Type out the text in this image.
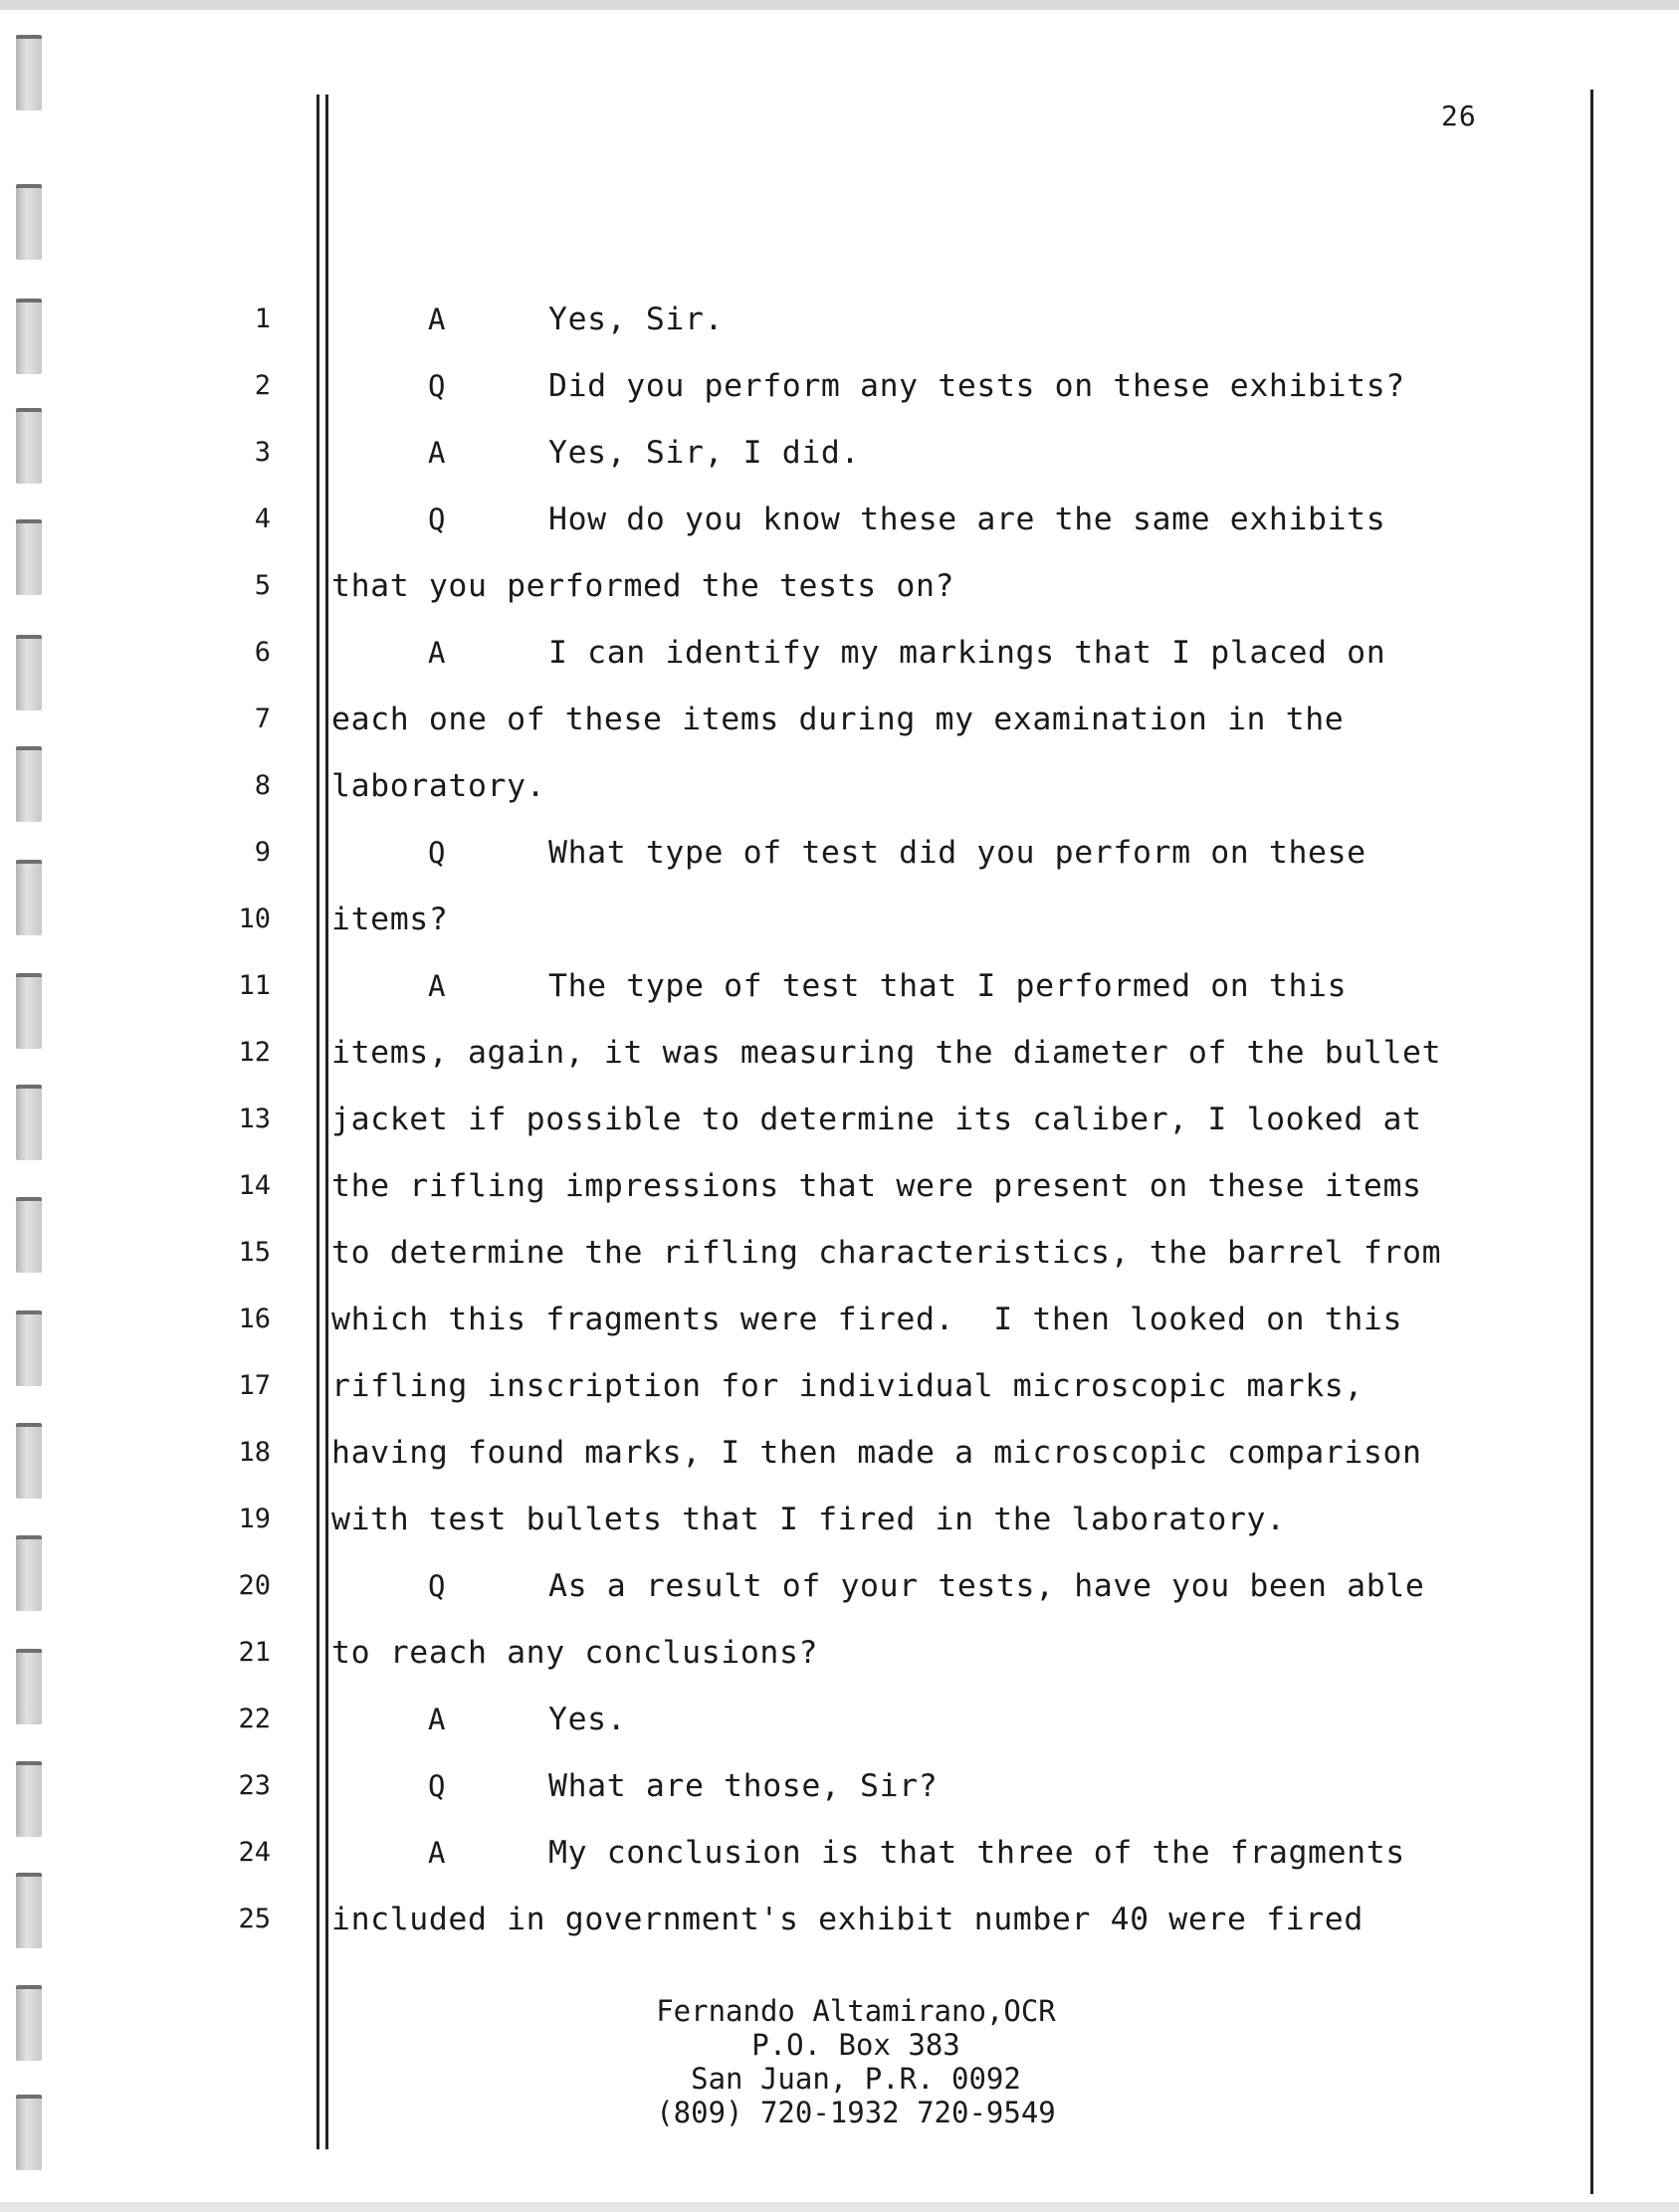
26
1	A	Yes, Sir.
2	Q	Did you perform any tests on these exhibits?
3	A	Yes, Sir, I did.
4	Q	How do you know these are the same exhibits
5 that you performed the tests on?
6	A	I can identify my markings that I placed on
7 each one of these items during my examination in the
8 laboratory.
9	Q	What type of test did you perform on these
10 items?
11	A	The type of test that I performed on this
12 items, again, it was measuring the diameter of the bullet
13 jacket if possible to determine its caliber, I looked at
14 the rifling impressions that were present on these items
15 to determine the rifling characteristics, the barrel from
16 which this fragments were fired.  I then looked on this
17 rifling inscription for individual microscopic marks,
18 having found marks, I then made a microscopic comparison
19 with test bullets that I fired in the laboratory.
20	Q	As a result of your tests, have you been able
21 to reach any conclusions?
22	A	Yes.
23	Q	What are those, Sir?
24	A	My conclusion is that three of the fragments
25 included in government's exhibit number 40 were fired
Fernando Altamirano,OCR
P.O. Box 383
San Juan, P.R. 0092
(809) 720-1932 720-9549
